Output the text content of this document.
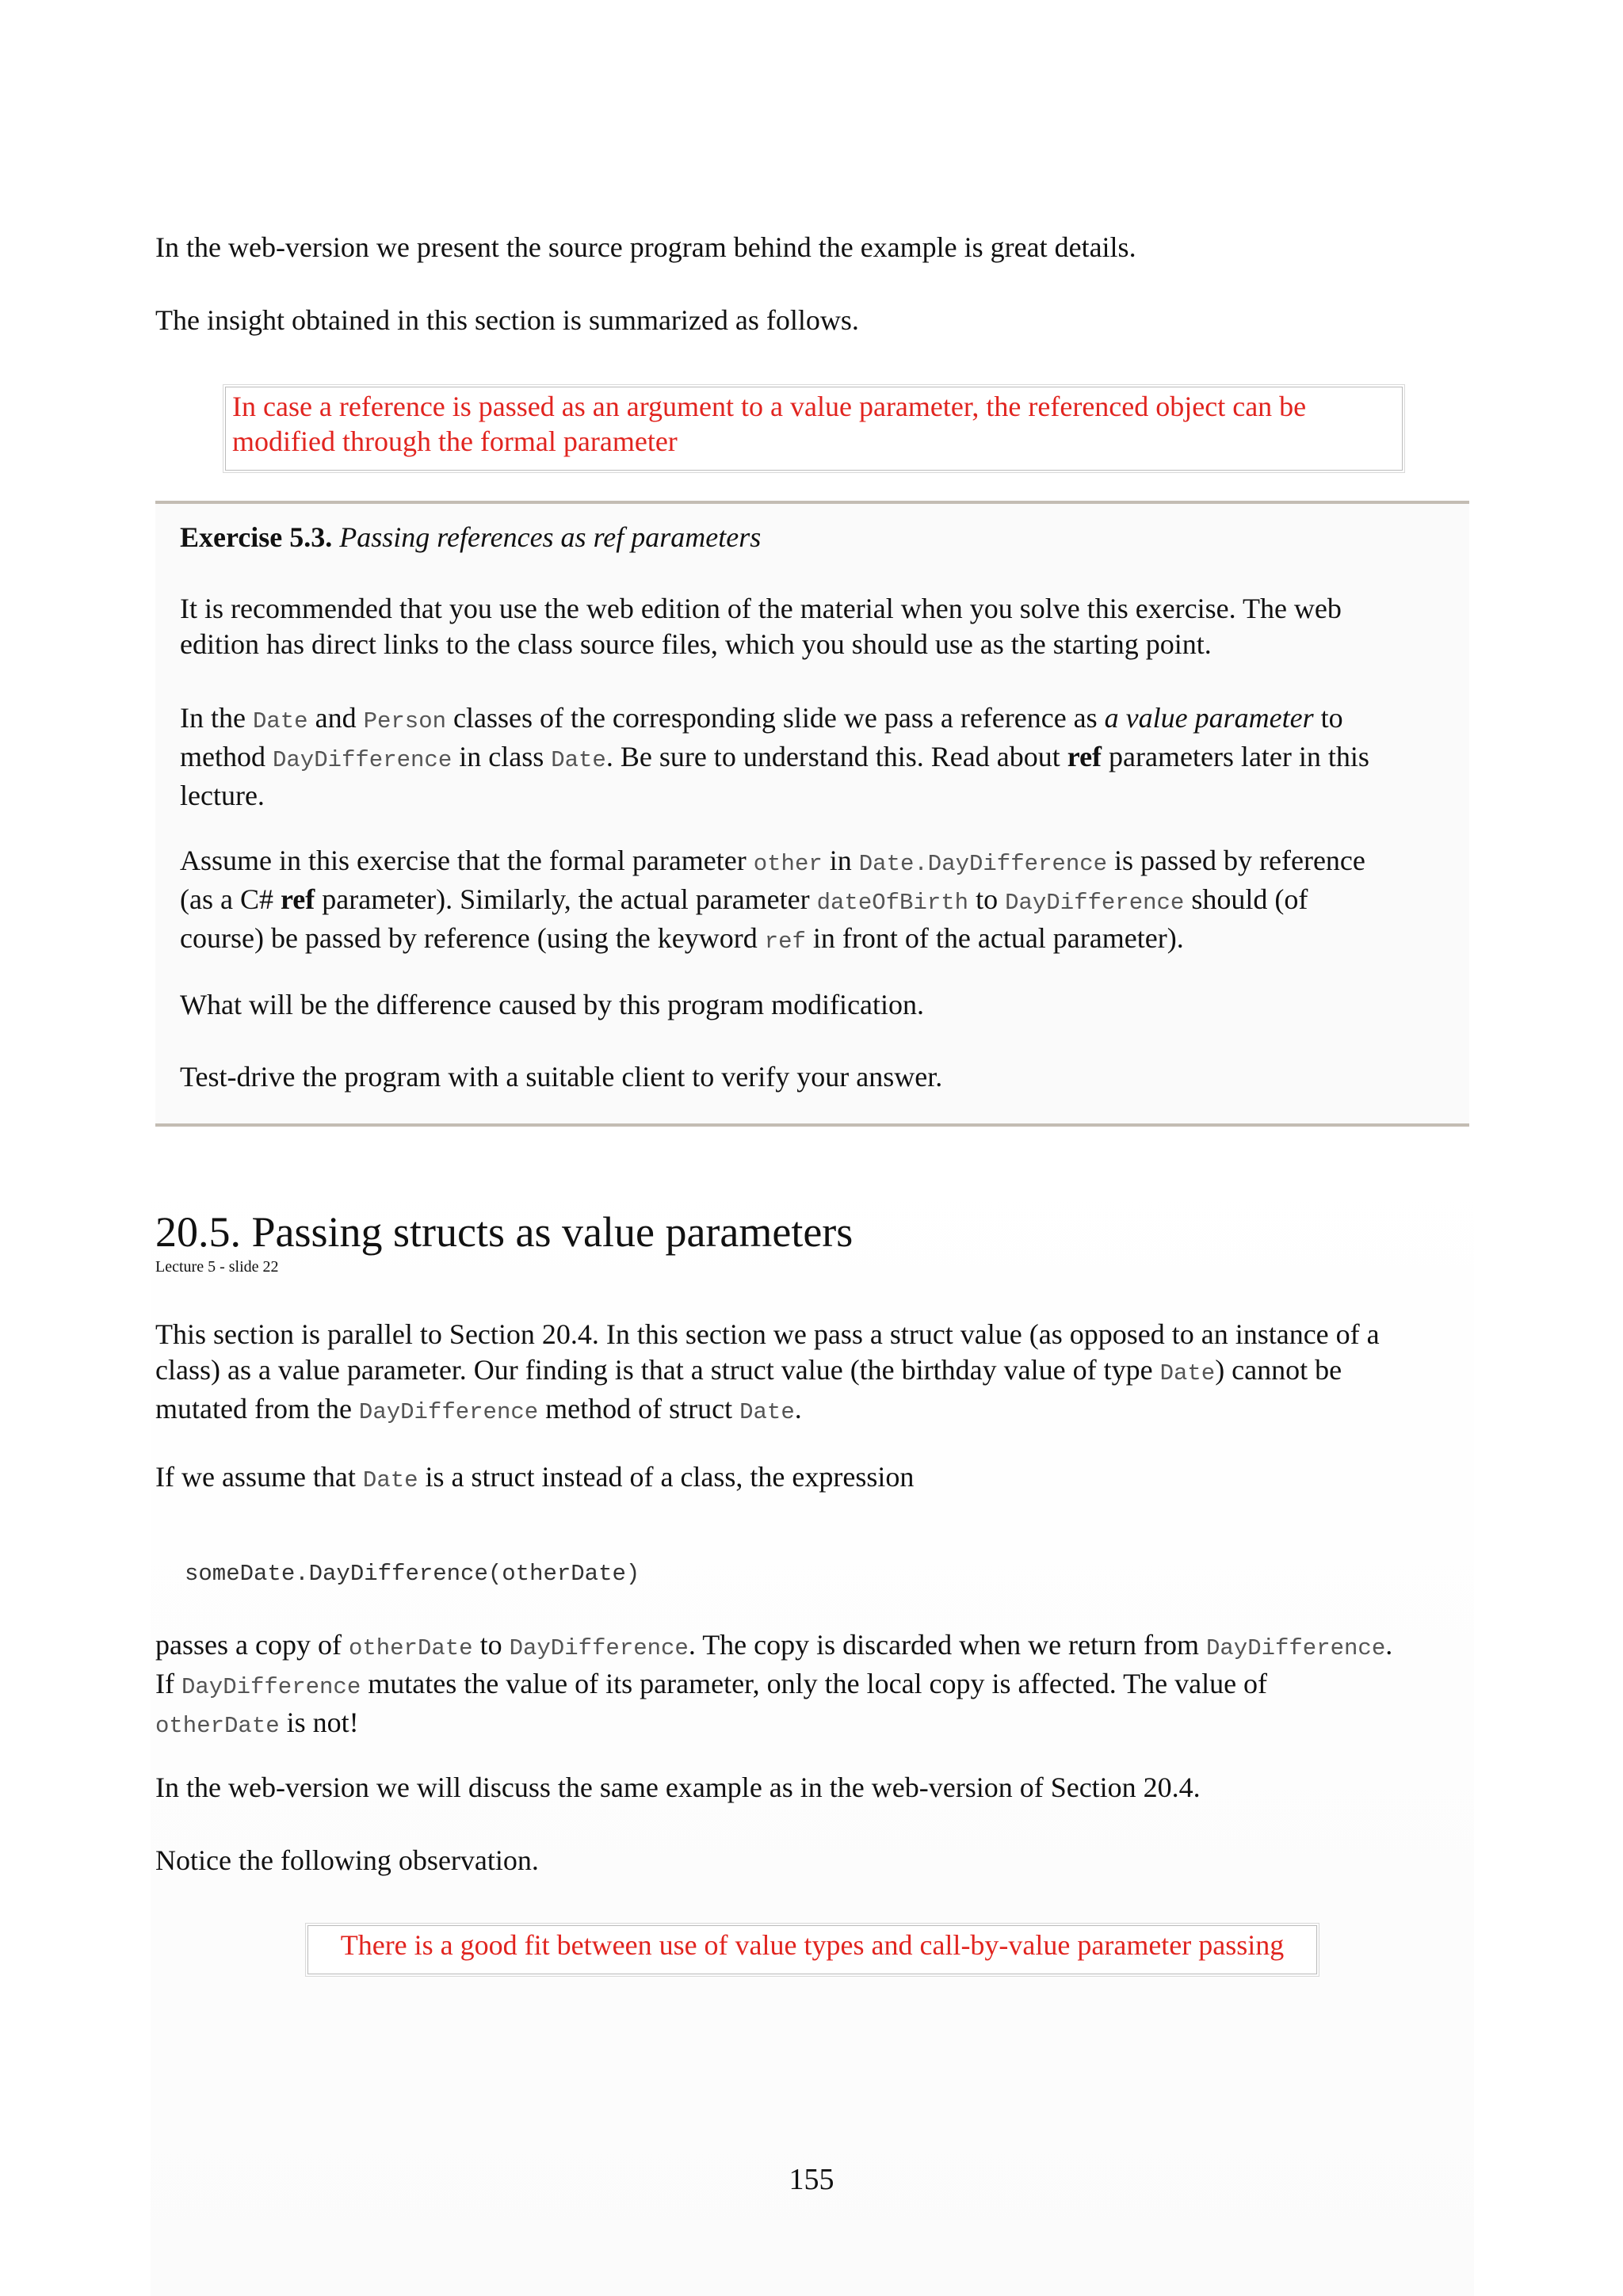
In the web-version we present the source program behind the example is great details.

The insight obtained in this section is summarized as follows.

In case a reference is passed as an argument to a value parameter, the referenced object can be
modified through the formal parameter

Exercise 5.3. Passing references as ref parameters

It is recommended that you use the web edition of the material when you solve this exercise. The web
edition has direct links to the class source files, which you should use as the starting point.

In the Date and Person classes of the corresponding slide we pass a reference as a value parameter to
method DayDifference in class Date. Be sure to understand this. Read about ref parameters later in this
lecture.

Assume in this exercise that the formal parameter other in Date.DayDifference is passed by reference
(as a C# ref parameter). Similarly, the actual parameter dateOfBirth to DayDifference should (of
course) be passed by reference (using the keyword ref in front of the actual parameter).

What will be the difference caused by this program modification.

Test-drive the program with a suitable client to verify your answer.

20.5. Passing structs as value parameters
Lecture 5 - slide 22

This section is parallel to Section 20.4. In this section we pass a struct value (as opposed to an instance of a
class) as a value parameter. Our finding is that a struct value (the birthday value of type Date) cannot be
mutated from the DayDifference method of struct Date.

If we assume that Date is a struct instead of a class, the expression

someDate.DayDifference(otherDate)

passes a copy of otherDate to DayDifference. The copy is discarded when we return from DayDifference.
If DayDifference mutates the value of its parameter, only the local copy is affected. The value of
otherDate is not!

In the web-version we will discuss the same example as in the web-version of Section 20.4.

Notice the following observation.

There is a good fit between use of value types and call-by-value parameter passing
155
